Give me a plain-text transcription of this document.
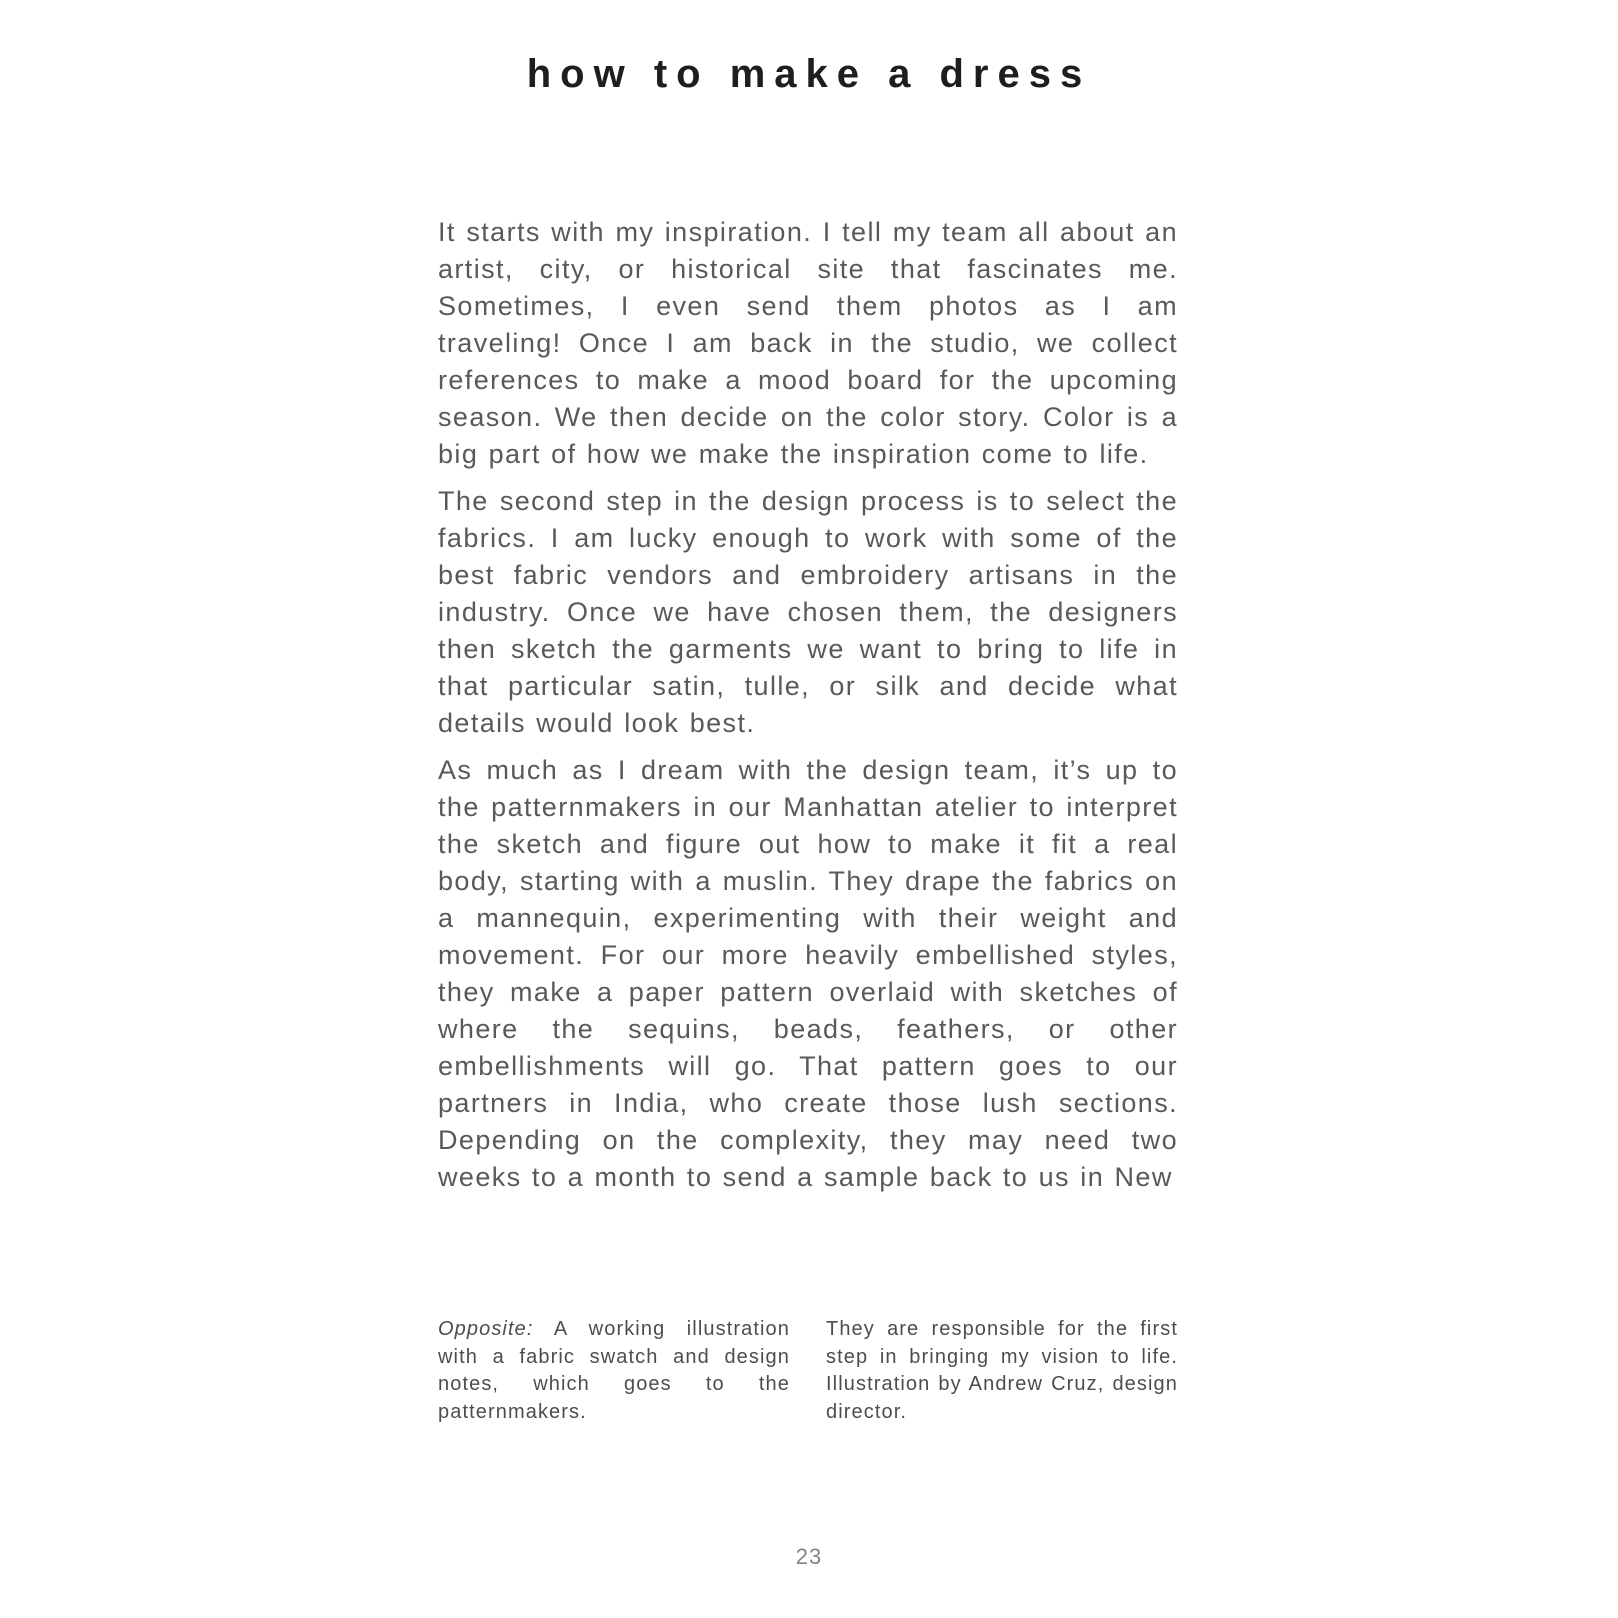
how to make a dress

It starts with my inspiration. I tell my team all about an artist, city, or historical site that fascinates me. Sometimes, I even send them photos as I am traveling! Once I am back in the studio, we collect references to make a mood board for the upcoming season. We then decide on the color story. Color is a big part of how we make the inspiration come to life.

The second step in the design process is to select the fabrics. I am lucky enough to work with some of the best fabric vendors and embroidery artisans in the industry. Once we have chosen them, the designers then sketch the garments we want to bring to life in that particular satin, tulle, or silk and decide what details would look best.

As much as I dream with the design team, it’s up to the patternmakers in our Manhattan atelier to interpret the sketch and figure out how to make it fit a real body, starting with a muslin. They drape the fabrics on a mannequin, experimenting with their weight and movement. For our more heavily embellished styles, they make a paper pattern overlaid with sketches of where the sequins, beads, feathers, or other embellishments will go. That pattern goes to our partners in India, who create those lush sections. Depending on the complexity, they may need two weeks to a month to send a sample back to us in New

Opposite: A working illustration with a fabric swatch and design notes, which goes to the patternmakers.

They are responsible for the first step in bringing my vision to life. Illustration by Andrew Cruz, design director.

23
